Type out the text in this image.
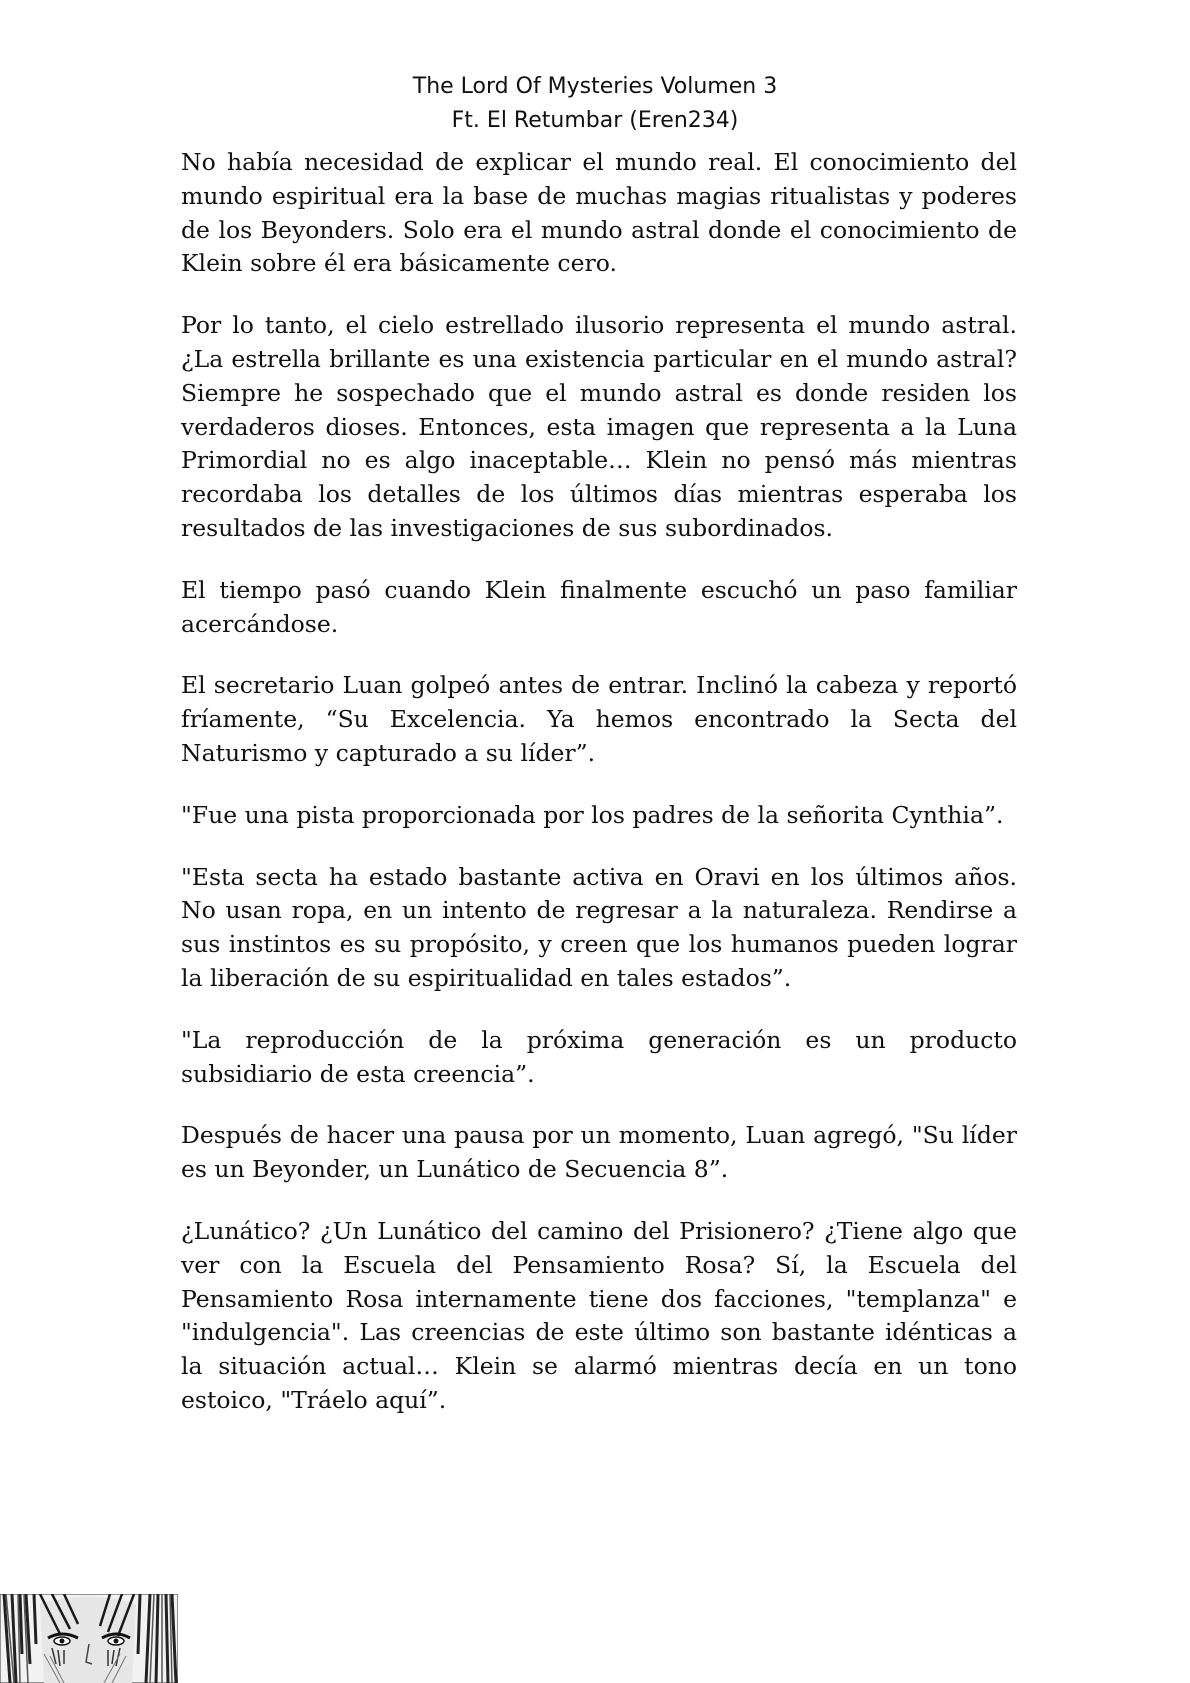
The Lord Of Mysteries Volumen 3
Ft. El Retumbar (Eren234)

No había necesidad de explicar el mundo real. El conocimiento del mundo espiritual era la base de muchas magias ritualistas y poderes de los Beyonders. Solo era el mundo astral donde el conocimiento de Klein sobre él era básicamente cero.

Por lo tanto, el cielo estrellado ilusorio representa el mundo astral. ¿La estrella brillante es una existencia particular en el mundo astral? Siempre he sospechado que el mundo astral es donde residen los verdaderos dioses. Entonces, esta imagen que representa a la Luna Primordial no es algo inaceptable… Klein no pensó más mientras recordaba los detalles de los últimos días mientras esperaba los resultados de las investigaciones de sus subordinados.

El tiempo pasó cuando Klein finalmente escuchó un paso familiar acercándose.

El secretario Luan golpeó antes de entrar. Inclinó la cabeza y reportó fríamente, “Su Excelencia. Ya hemos encontrado la Secta del Naturismo y capturado a su líder”.

"Fue una pista proporcionada por los padres de la señorita Cynthia”.

"Esta secta ha estado bastante activa en Oravi en los últimos años. No usan ropa, en un intento de regresar a la naturaleza. Rendirse a sus instintos es su propósito, y creen que los humanos pueden lograr la liberación de su espiritualidad en tales estados”.

"La reproducción de la próxima generación es un producto subsidiario de esta creencia”.

Después de hacer una pausa por un momento, Luan agregó, "Su líder es un Beyonder, un Lunático de Secuencia 8”.

¿Lunático? ¿Un Lunático del camino del Prisionero? ¿Tiene algo que ver con la Escuela del Pensamiento Rosa? Sí, la Escuela del Pensamiento Rosa internamente tiene dos facciones, "templanza" e "indulgencia". Las creencias de este último son bastante idénticas a la situación actual… Klein se alarmó mientras decía en un tono estoico, "Tráelo aquí”.
